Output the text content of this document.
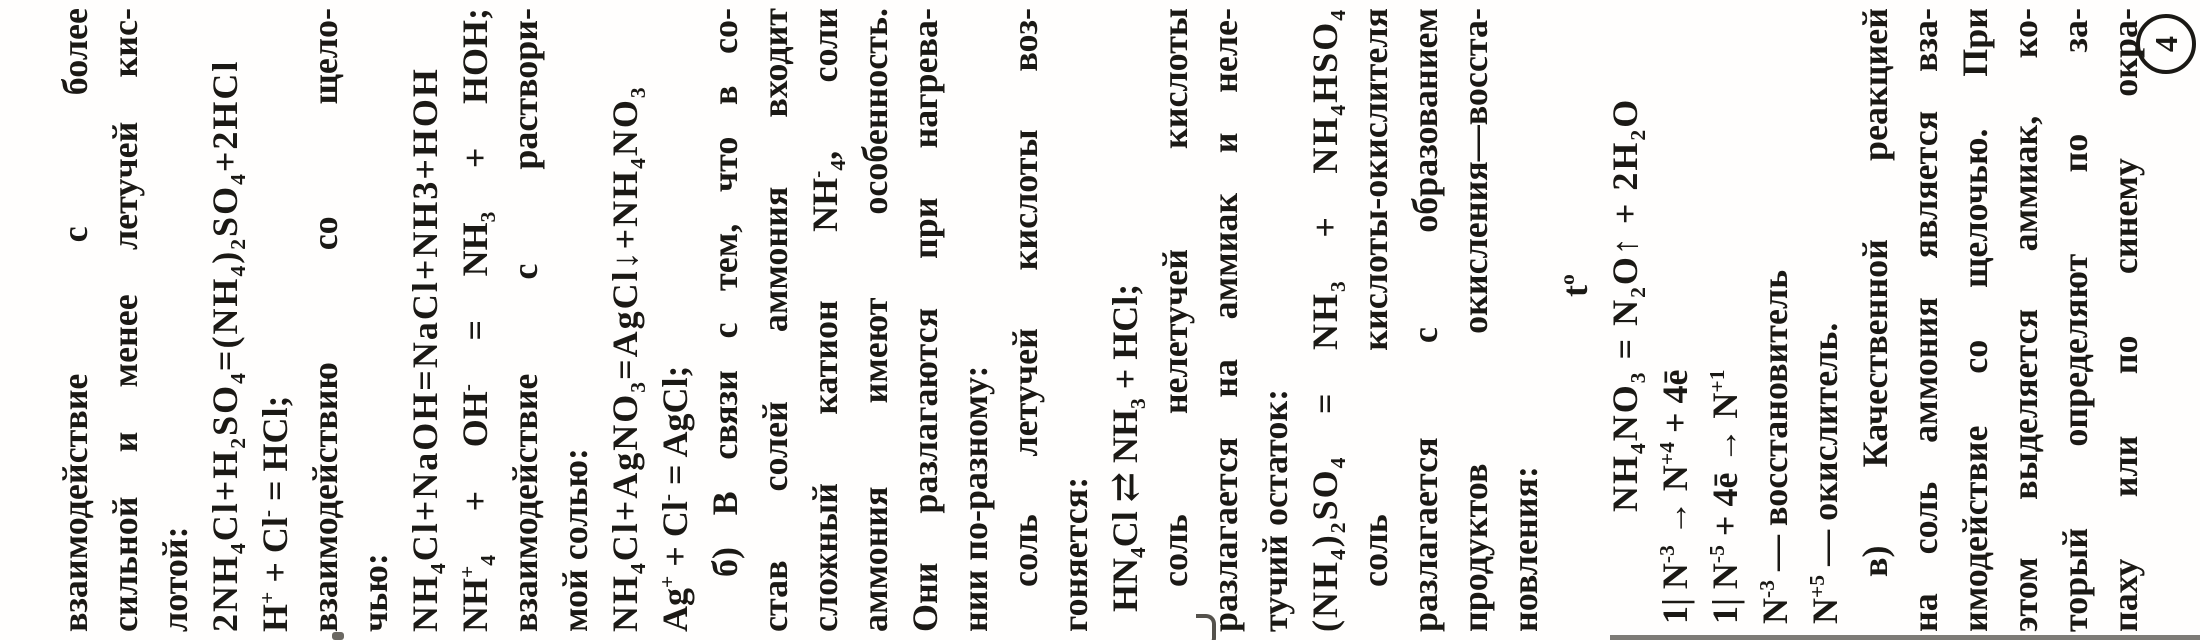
взаимодействие с более сильной и менее летучей кис- лотой: $2NH_4Cl+H_2SO_4=(NH_4)_2SO_4+2HCl$
H+ + Cl- = HCl; взаимодействию со щело- чью: $NH_4Cl+NaOH=NaCl+NH3+HOH$
$NH^+_4 + OH^- = NH_3$ + HOH; взаимодействие с раствори- мой солью: $NH_4Cl+AgNO_3=AgCl↓+NH_4NO_3$
Ag+ + Cl- = AgCl; б) В связи с тем, что в со- став солей аммония входит сложный катион $NH^-_4$, соли аммония имеют особенность. Они разлагаются при нагрева- нии по-разному: соль летучей кислоты воз- гоняется: $HN_4Cl$ ⇄ $NH_3$ + HCl; соль нелетучей кислоты разлагается на аммиак и неле- тучий остаток: $(NH_4)_2SO_4 = NH_3 + NH_4HSO_4$ соль кислоты-окислителя разлагается с образованием продуктов окисления—восста- новления:
$t^o$
$NH_4NO_3$ = $N_2O↑ + 2H_2O$
1| $N^{-3} \to N^{+4}$ + 4ē
1| $N^{-5}$ + 4ē → $N^{+1}$
$N^{-3}$ — восстановитель
$N^{+5}$ — окислитель. в) Качественной реакцией на соль аммония является вза- имодействие со щелочью. При этом выделяется аммиак, ко- торый определяют по за- паху или по синему окра- 4
